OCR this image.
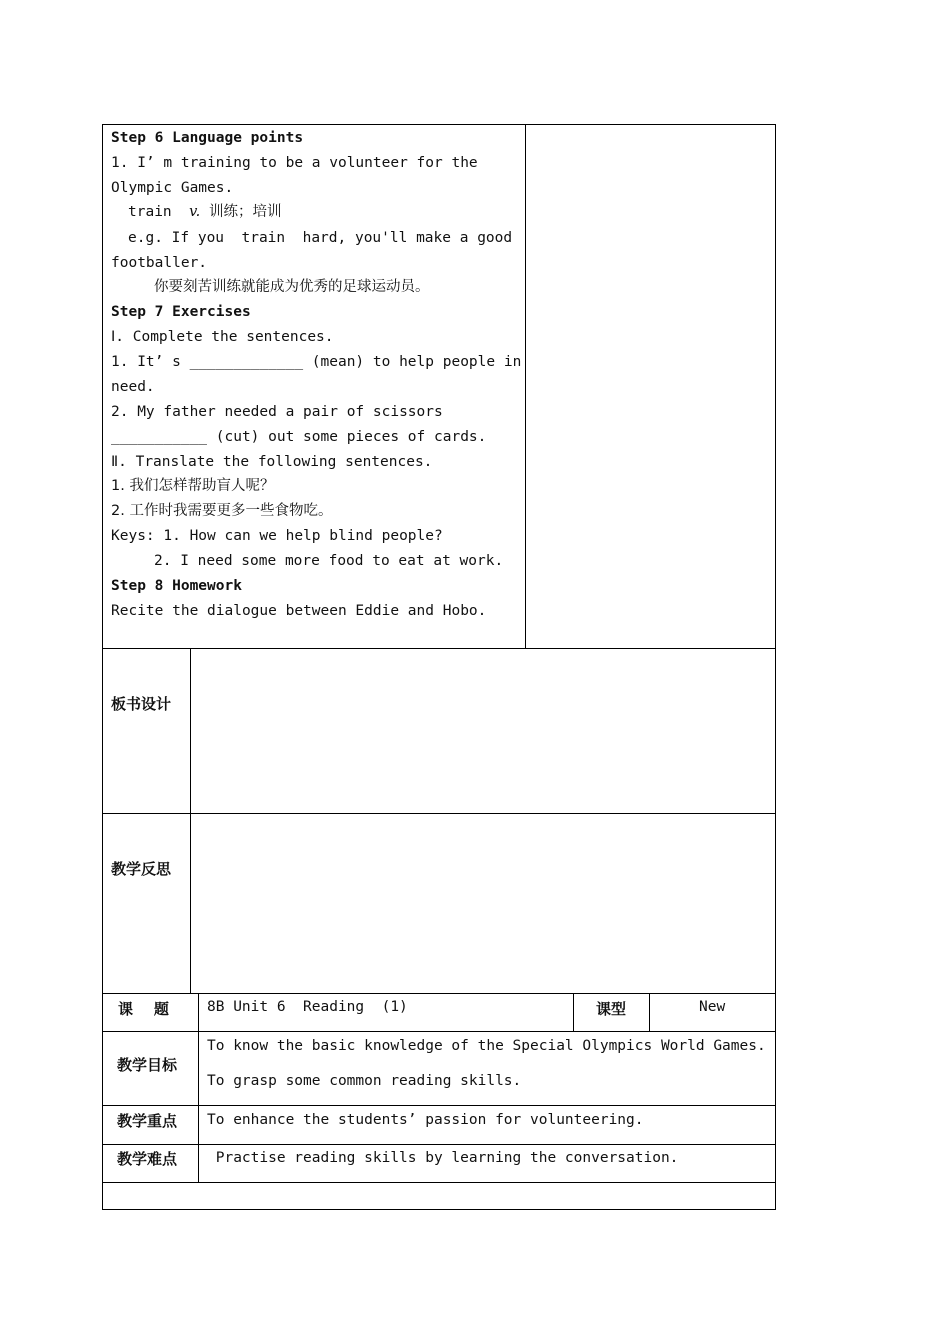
Step 6 Language points
1. I’ m training to be a volunteer for the
Olympic Games.
train v. 训练；培训
e.g. If you  train  hard, you'll make a good
footballer.
你要刻苦训练就能成为优秀的足球运动员。
Step 7 Exercises
Ⅰ. Complete the sentences.
1. It’ s _____________ (mean) to help people in
need.
2. My father needed a pair of scissors
___________ (cut) out some pieces of cards.
Ⅱ. Translate the following sentences.
1. 我们怎样帮助盲人呢？
2. 工作时我需要更多一些食物吃。
Keys: 1. How can we help blind people?
2. I need some more food to eat at work.
Step 8 Homework
Recite the dialogue between Eddie and Hobo.
板书设计
教学反思
课    题	8B Unit 6  Reading  (1)	课型	New
教学目标
To know the basic knowledge of the Special Olympics World Games.
To grasp some common reading skills.
教学重点 To enhance the students’ passion for volunteering.
教学难点 Practise reading skills by learning the conversation.
